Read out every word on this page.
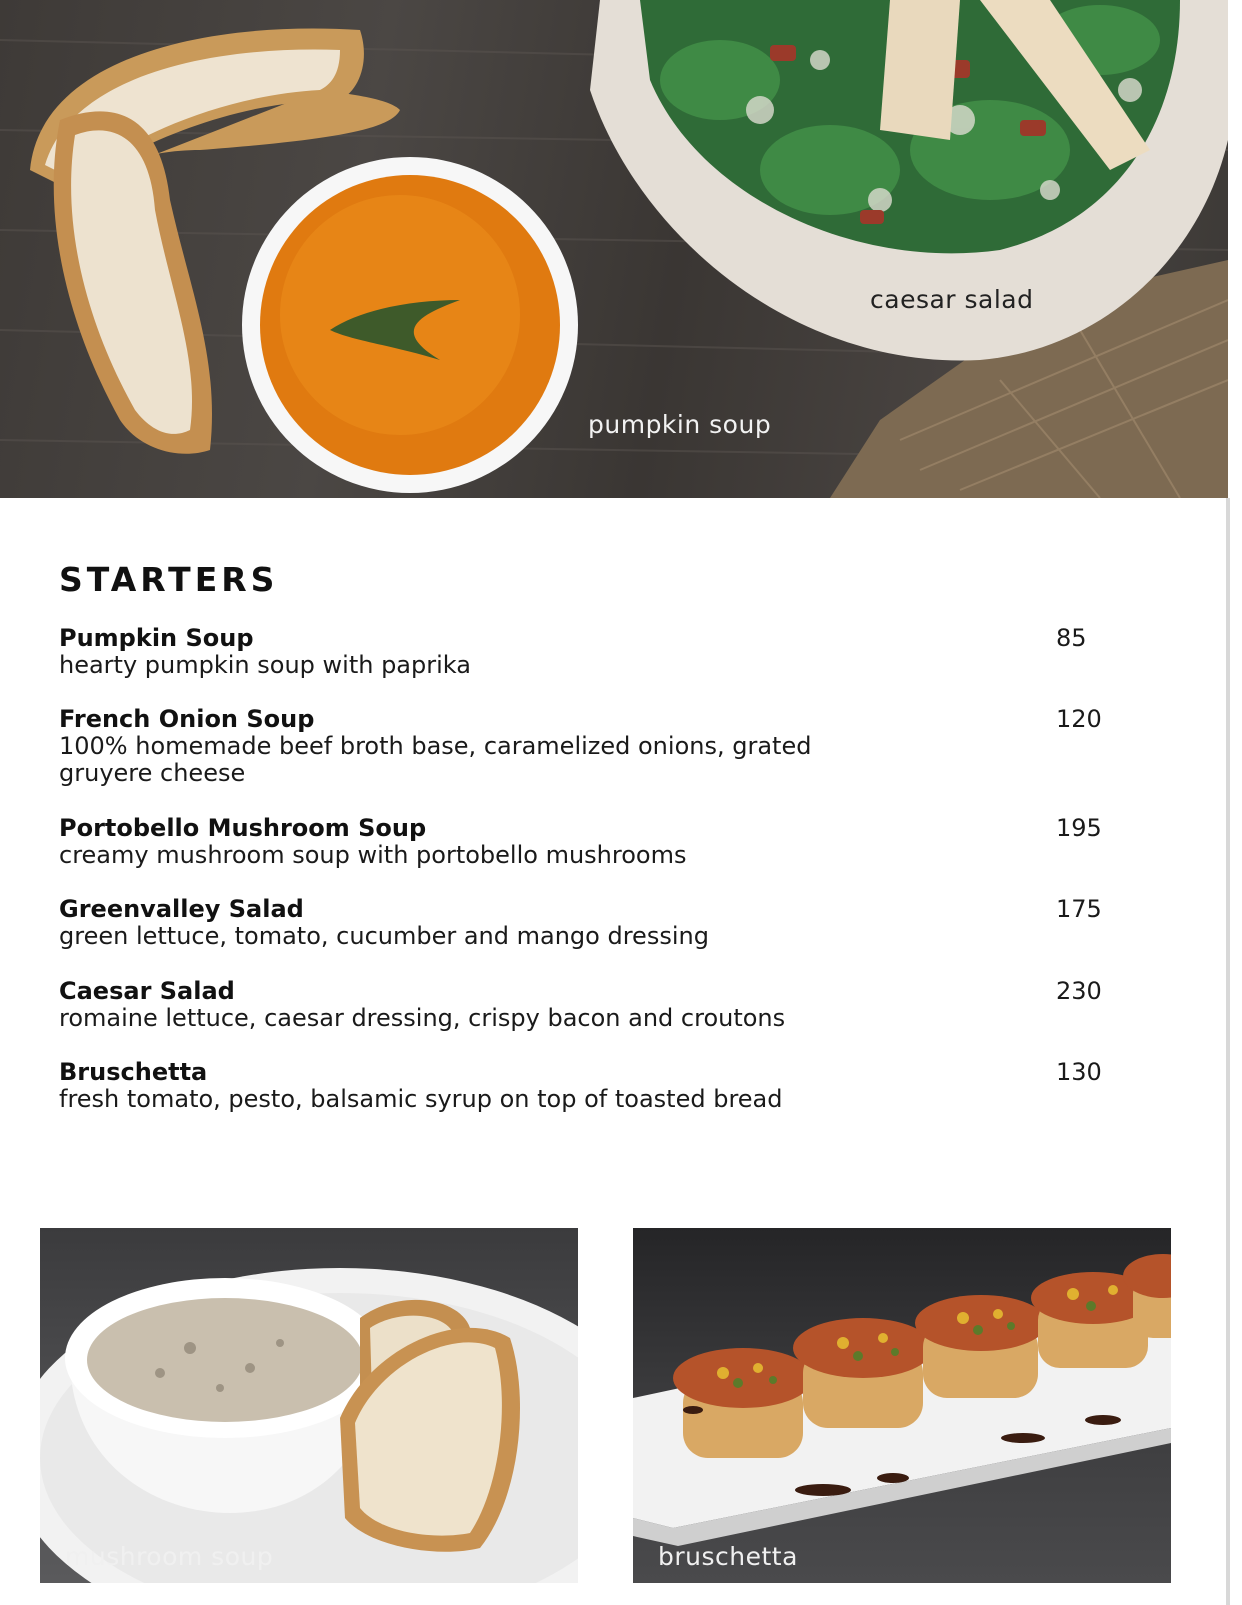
caesar salad
pumpkin soup
STARTERS
Pumpkin Soup
hearty pumpkin soup with paprika
85
French Onion Soup
100% homemade beef broth base, caramelized onions, grated gruyere cheese
120
Portobello Mushroom Soup
creamy mushroom soup with portobello mushrooms
195
Greenvalley Salad
green lettuce, tomato, cucumber and mango dressing
175
Caesar Salad
romaine lettuce, caesar dressing, crispy bacon and croutons
230
Bruschetta
fresh tomato, pesto, balsamic syrup on top of toasted bread
130
mushroom soup	bruschetta
